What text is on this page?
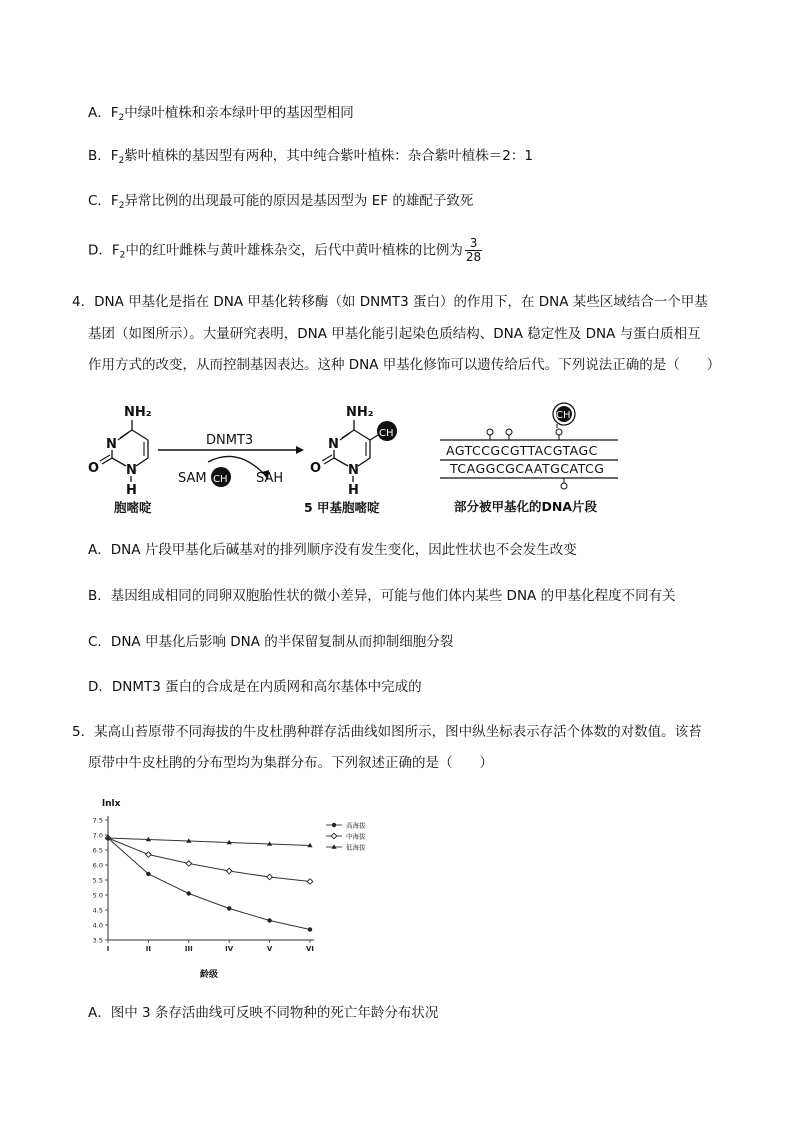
A．$F_2$中绿叶植株和亲本绿叶甲的基因型相同
B．$F_2$紫叶植株的基因型有两种，其中纯合紫叶植株：杂合紫叶植株＝2：1
C．$F_2$异常比例的出现最可能的原因是基因型为 EF 的雄配子致死
D．$F_2$中的红叶雌株与黄叶雄株杂交，后代中黄叶植株的比例为 $\frac{3}{28}$
4．DNA 甲基化是指在 DNA 甲基化转移酶（如 DNMT3 蛋白）的作用下，在 DNA 某些区域结合一个甲基
基团（如图所示）。大量研究表明，DNA 甲基化能引起染色质结构、DNA 稳定性及 DNA 与蛋白质相互
作用方式的改变，从而控制基因表达。这种 DNA 甲基化修饰可以遗传给后代。下列说法正确的是（　　）
NH₂
N
O N
H
胞嘧啶
DNMT3
SAM CH SAH
NH₂
CH
N
O N
H
5 甲基胞嘧啶
CH
AGTCCGCGTTACGTAGC
TCAGGCGCAATGCATCG
部分被甲基化的DNA片段
A．DNA 片段甲基化后碱基对的排列顺序没有发生变化，因此性状也不会发生改变
B．基因组成相同的同卵双胞胎性状的微小差异，可能与他们体内某些 DNA 的甲基化程度不同有关
C．DNA 甲基化后影响 DNA 的半保留复制从而抑制细胞分裂
D．DNMT3 蛋白的合成是在内质网和高尔基体中完成的
5．某高山苔原带不同海拔的牛皮杜鹃种群存活曲线如图所示，图中纵坐标表示存活个体数的对数值。该苔
原带中牛皮杜鹃的分布型均为集群分布。下列叙述正确的是（　　）
lnlx
龄级
7.5
7.0
6.5
6.0
5.5
5.0
4.5
4.0
3.5
I	II	III	IV	V	VI
高海拔
中海拔
低海拔
A．图中 3 条存活曲线可反映不同物种的死亡年龄分布状况
